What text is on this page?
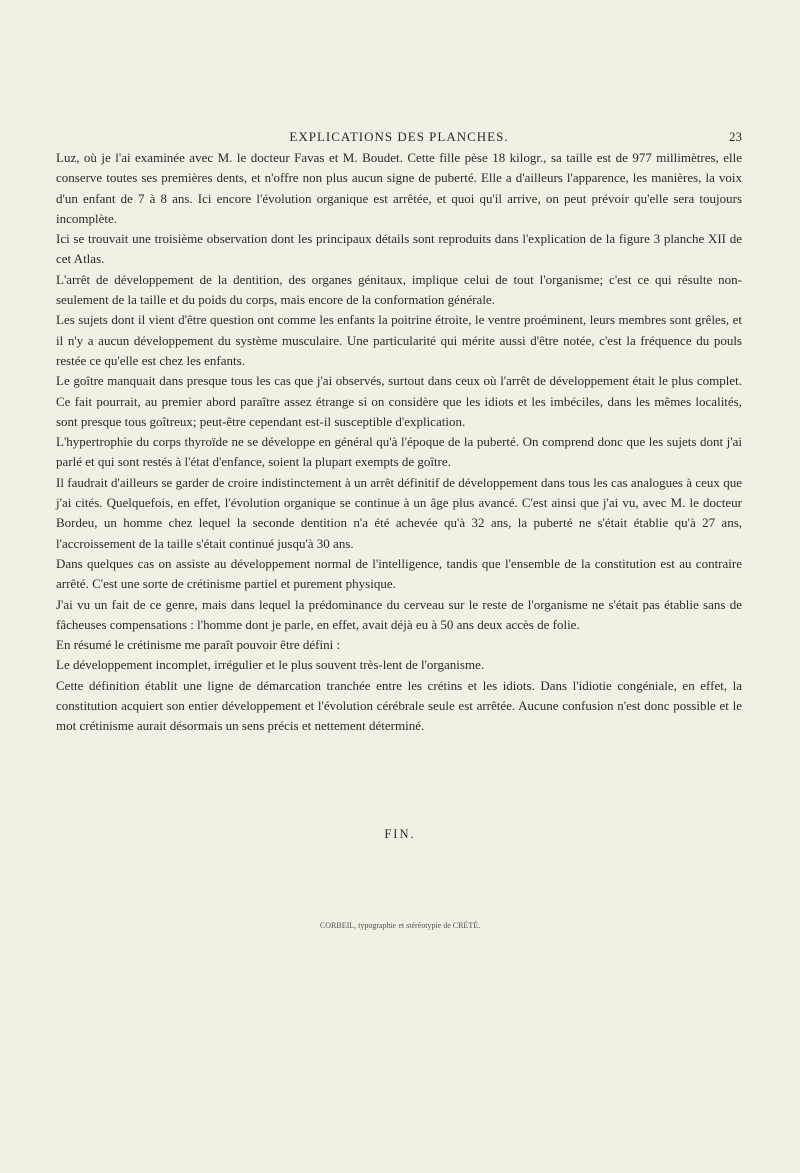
EXPLICATIONS DES PLANCHES.	23

Luz, où je l'ai examinée avec M. le docteur Favas et M. Boudet. Cette fille pèse 18 kilogr., sa taille est de 977 millimètres, elle conserve toutes ses premières dents, et n'offre non plus aucun signe de puberté. Elle a d'ailleurs l'apparence, les manières, la voix d'un enfant de 7 à 8 ans. Ici encore l'évolution organique est arrêtée, et quoi qu'il arrive, on peut prévoir qu'elle sera toujours incomplète.

Ici se trouvait une troisième observation dont les principaux détails sont reproduits dans l'explication de la figure 3 planche XII de cet Atlas.

L'arrêt de développement de la dentition, des organes génitaux, implique celui de tout l'organisme; c'est ce qui résulte non-seulement de la taille et du poids du corps, mais encore de la conformation générale.

Les sujets dont il vient d'être question ont comme les enfants la poitrine étroite, le ventre proéminent, leurs membres sont grêles, et il n'y a aucun développement du système musculaire. Une particularité qui mérite aussi d'être notée, c'est la fréquence du pouls restée ce qu'elle est chez les enfants.

Le goître manquait dans presque tous les cas que j'ai observés, surtout dans ceux où l'arrêt de développement était le plus complet. Ce fait pourrait, au premier abord paraître assez étrange si on considère que les idiots et les imbéciles, dans les mêmes localités, sont presque tous goîtreux; peut-être cependant est-il susceptible d'explication.

L'hypertrophie du corps thyroïde ne se développe en général qu'à l'époque de la puberté. On comprend donc que les sujets dont j'ai parlé et qui sont restés à l'état d'enfance, soient la plupart exempts de goître.

Il faudrait d'ailleurs se garder de croire indistinctement à un arrêt définitif de développement dans tous les cas analogues à ceux que j'ai cités. Quelquefois, en effet, l'évolution organique se continue à un âge plus avancé. C'est ainsi que j'ai vu, avec M. le docteur Bordeu, un homme chez lequel la seconde dentition n'a été achevée qu'à 32 ans, la puberté ne s'était établie qu'à 27 ans, l'accroissement de la taille s'était continué jusqu'à 30 ans.

Dans quelques cas on assiste au développement normal de l'intelligence, tandis que l'ensemble de la constitution est au contraire arrêté. C'est une sorte de crétinisme partiel et purement physique.

J'ai vu un fait de ce genre, mais dans lequel la prédominance du cerveau sur le reste de l'organisme ne s'était pas établie sans de fâcheuses compensations : l'homme dont je parle, en effet, avait déjà eu à 50 ans deux accès de folie.

En résumé le crétinisme me paraît pouvoir être défini :

Le développement incomplet, irrégulier et le plus souvent très-lent de l'organisme.

Cette définition établit une ligne de démarcation tranchée entre les crétins et les idiots. Dans l'idiotie congéniale, en effet, la constitution acquiert son entier développement et l'évolution cérébrale seule est arrêtée. Aucune confusion n'est donc possible et le mot crétinisme aurait désormais un sens précis et nettement déterminé.

FIN.
CORBEIL, typographie et stéréotypie de CRÉTÉ.
